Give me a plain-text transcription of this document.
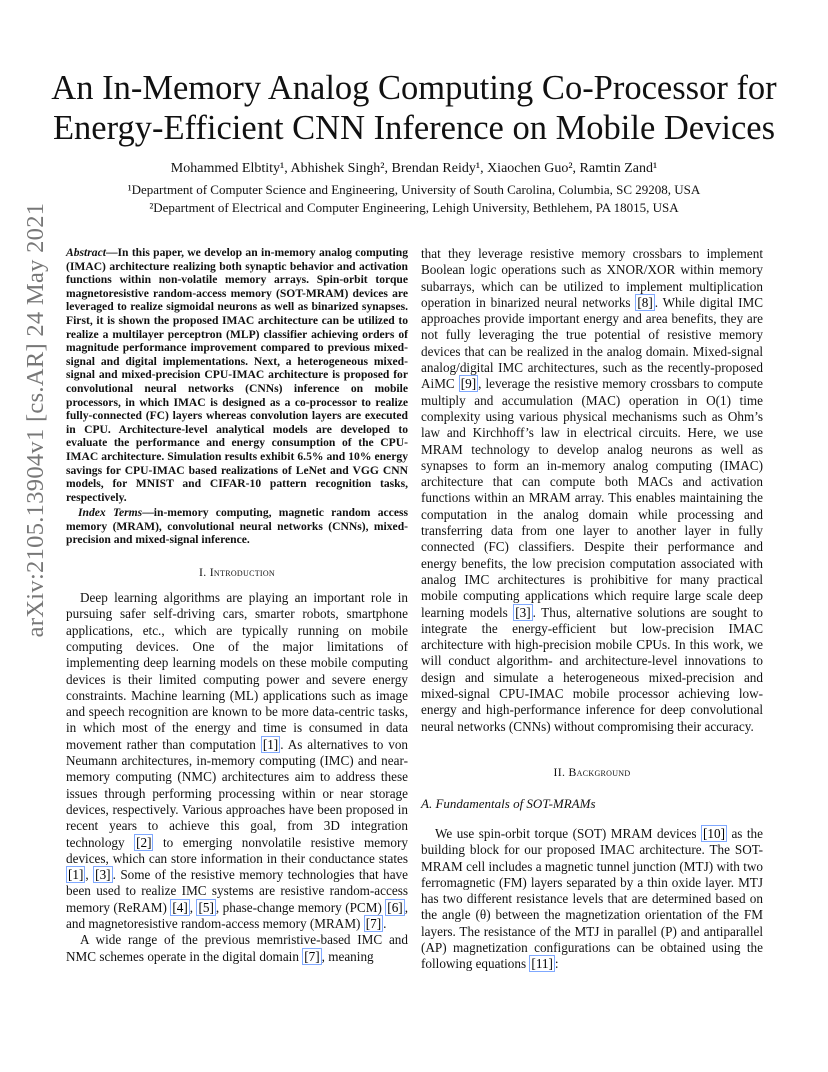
An In-Memory Analog Computing Co-Processor for
Energy-Efficient CNN Inference on Mobile Devices
Mohammed Elbtity¹, Abhishek Singh², Brendan Reidy¹, Xiaochen Guo², Ramtin Zand¹
¹Department of Computer Science and Engineering, University of South Carolina, Columbia, SC 29208, USA
²Department of Electrical and Computer Engineering, Lehigh University, Bethlehem, PA 18015, USA
arXiv:2105.13904v1 [cs.AR] 24 May 2021 Abstract—In this paper, we develop an in-memory analog computing (IMAC) architecture realizing both synaptic behavior and activation functions within non-volatile memory arrays. Spin-orbit torque magnetoresistive random-access memory (SOT-MRAM) devices are leveraged to realize sigmoidal neurons as well as binarized synapses. First, it is shown the proposed IMAC architecture can be utilized to realize a multilayer perceptron (MLP) classifier achieving orders of magnitude performance improvement compared to previous mixed-signal and digital implementations. Next, a heterogeneous mixed-signal and mixed-precision CPU-IMAC architecture is proposed for convolutional neural networks (CNNs) inference on mobile processors, in which IMAC is designed as a co-processor to realize fully-connected (FC) layers whereas convolution layers are executed in CPU. Architecture-level analytical models are developed to evaluate the performance and energy consumption of the CPU-IMAC architecture. Simulation results exhibit 6.5% and 10% energy savings for CPU-IMAC based realizations of LeNet and VGG CNN models, for MNIST and CIFAR-10 pattern recognition tasks, respectively.

Index Terms—in-memory computing, magnetic random access memory (MRAM), convolutional neural networks (CNNs), mixed-precision and mixed-signal inference.

I. Introduction

Deep learning algorithms are playing an important role in pursuing safer self-driving cars, smarter robots, smartphone applications, etc., which are typically running on mobile computing devices. One of the major limitations of implementing deep learning models on these mobile computing devices is their limited computing power and severe energy constraints. Machine learning (ML) applications such as image and speech recognition are known to be more data-centric tasks, in which most of the energy and time is consumed in data movement rather than computation [1] . As alternatives to von Neumann architectures, in-memory computing (IMC) and near-memory computing (NMC) architectures aim to address these issues through performing processing within or near storage devices, respectively. Various approaches have been proposed in recent years to achieve this goal, from 3D integration technology [2] to emerging nonvolatile resistive memory devices, which can store information in their conductance states [1] , [3] . Some of the resistive memory technologies that have been used to realize IMC systems are resistive random-access memory (ReRAM) [4] , [5] , phase-change memory (PCM) [6] , and magnetoresistive random-access memory (MRAM) [7] .

A wide range of the previous memristive-based IMC and NMC schemes operate in the digital domain [7] , meaning

that they leverage resistive memory crossbars to implement Boolean logic operations such as XNOR/XOR within memory subarrays, which can be utilized to implement multiplication operation in binarized neural networks [8] . While digital IMC approaches provide important energy and area benefits, they are not fully leveraging the true potential of resistive memory devices that can be realized in the analog domain. Mixed-signal analog/digital IMC architectures, such as the recently-proposed AiMC [9] , leverage the resistive memory crossbars to compute multiply and accumulation (MAC) operation in O(1) time complexity using various physical mechanisms such as Ohm’s law and Kirchhoff’s law in electrical circuits. Here, we use MRAM technology to develop analog neurons as well as synapses to form an in-memory analog computing (IMAC) architecture that can compute both MACs and activation functions within an MRAM array. This enables maintaining the computation in the analog domain while processing and transferring data from one layer to another layer in fully connected (FC) classifiers. Despite their performance and energy benefits, the low precision computation associated with analog IMC architectures is prohibitive for many practical mobile computing applications which require large scale deep learning models [3] . Thus, alternative solutions are sought to integrate the energy-efficient but low-precision IMAC architecture with high-precision mobile CPUs. In this work, we will conduct algorithm- and architecture-level innovations to design and simulate a heterogeneous mixed-precision and mixed-signal CPU-IMAC mobile processor achieving low-energy and high-performance inference for deep convolutional neural networks (CNNs) without compromising their accuracy.

II. Background
A. Fundamentals of SOT-MRAMs

We use spin-orbit torque (SOT) MRAM devices [10] as the building block for our proposed IMAC architecture. The SOT-MRAM cell includes a magnetic tunnel junction (MTJ) with two ferromagnetic (FM) layers separated by a thin oxide layer. MTJ has two different resistance levels that are determined based on the angle (θ) between the magnetization orientation of the FM layers. The resistance of the MTJ in parallel (P) and antiparallel (AP) magnetization configurations can be obtained using the following equations [11] :
